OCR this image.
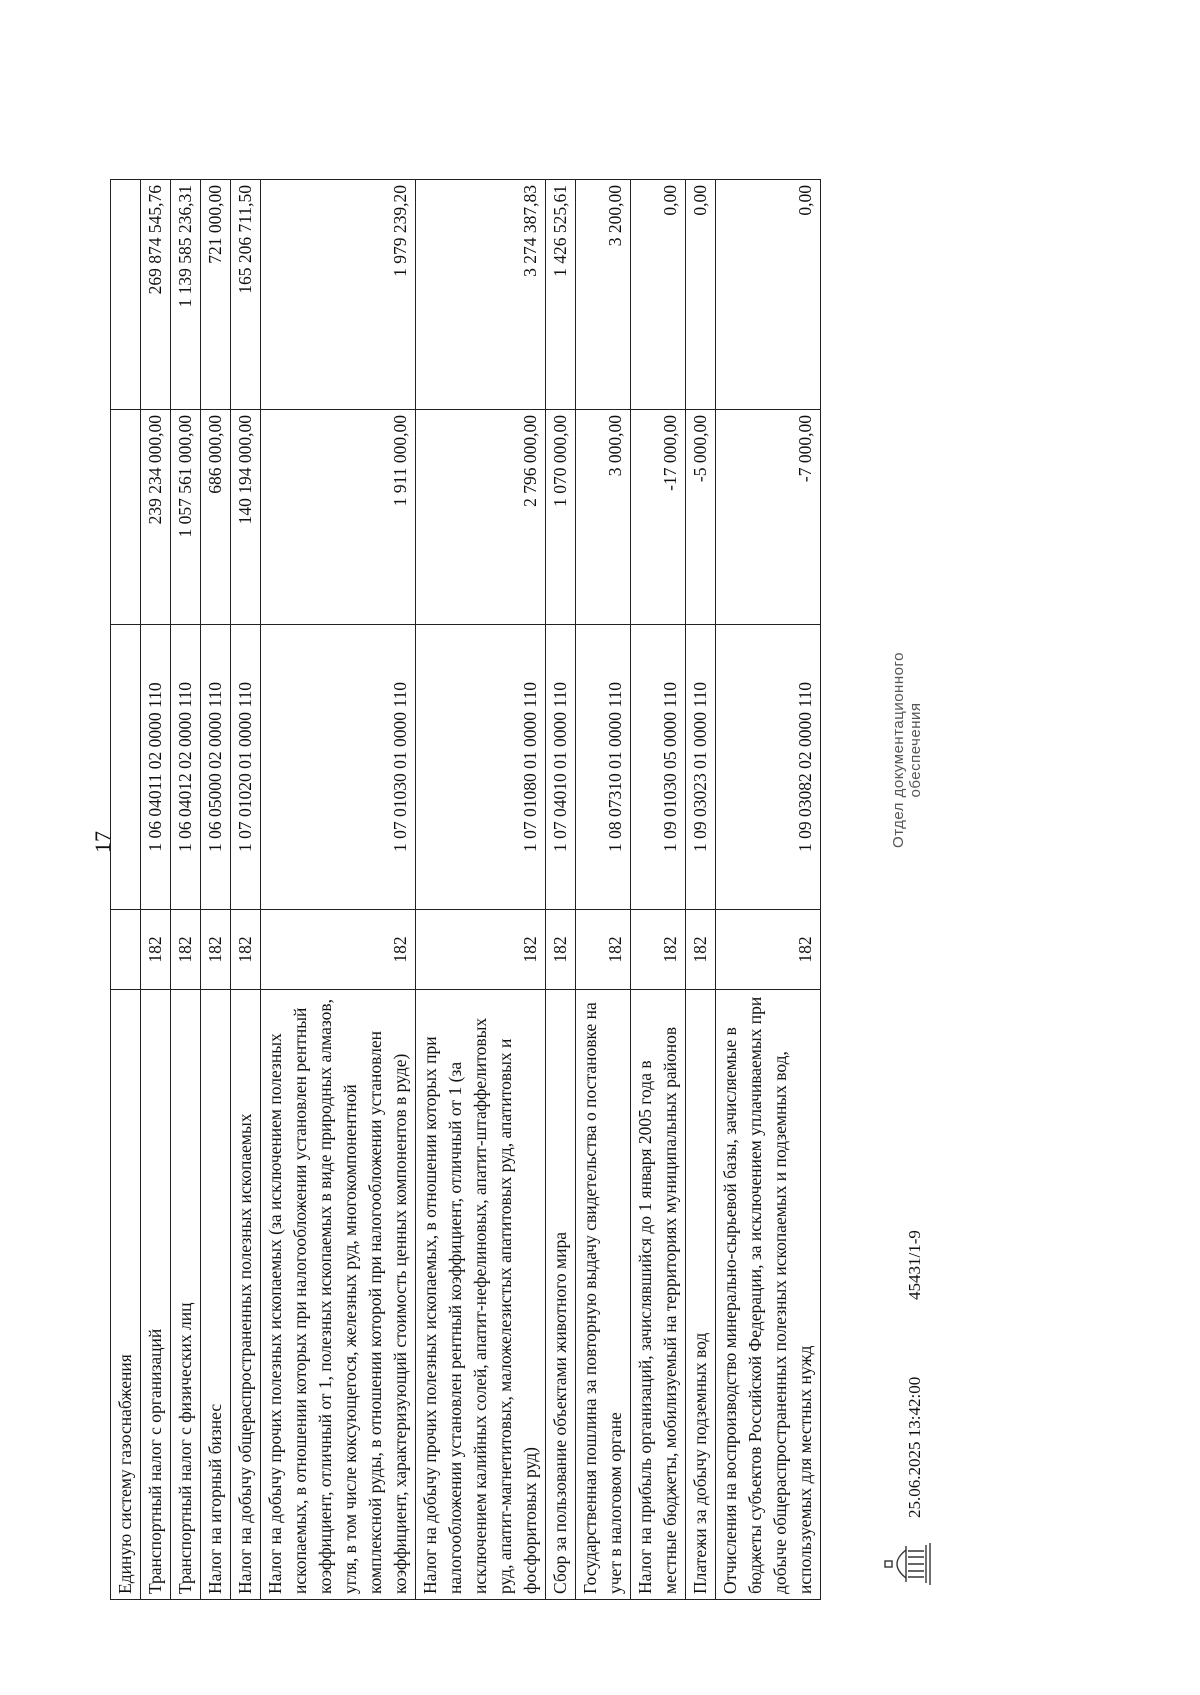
17
Единую систему газоснабжения				
Транспортный налог с организаций	182	1 06 04011 02 0000 110	239 234 000,00	269 874 545,76
Транспортный налог с физических лиц	182	1 06 04012 02 0000 110	1 057 561 000,00	1 139 585 236,31
Налог на игорный бизнес	182	1 06 05000 02 0000 110	686 000,00	721 000,00
Налог на добычу общераспространенных полезных ископаемых	182	1 07 01020 01 0000 110	140 194 000,00	165 206 711,50
Налог на добычу прочих полезных ископаемых (за исключением полезных ископаемых, в отношении которых при налогообложении установлен рентный коэффициент, отличный от 1, полезных ископаемых в виде природных алмазов, угля, в том числе коксующегося, железных руд, многокомпонентной комплексной руды, в отношении которой при налогообложении установлен коэффициент, характеризующий стоимость ценных компонентов в руде)	182	1 07 01030 01 0000 110	1 911 000,00	1 979 239,20
Налог на добычу прочих полезных ископаемых, в отношении которых при налогообложении установлен рентный коэффициент, отличный от 1 (за исключением калийных солей, апатит-нефелиновых, апатит-штаффелитовых руд, апатит-магнетитовых, маложелезистых апатитовых руд, апатитовых и фосфоритовых руд)	182	1 07 01080 01 0000 110	2 796 000,00	3 274 387,83
Сбор за пользование объектами животного мира	182	1 07 04010 01 0000 110	1 070 000,00	1 426 525,61
Государственная пошлина за повторную выдачу свидетельства о постановке на учет в налоговом органе	182	1 08 07310 01 0000 110	3 000,00	3 200,00
Налог на прибыль организаций, зачислявшийся до 1 января 2005 года в местные бюджеты, мобилизуемый на территориях муниципальных районов	182	1 09 01030 05 0000 110	-17 000,00	0,00
Платежи за добычу подземных вод	182	1 09 03023 01 0000 110	-5 000,00	0,00
Отчисления на воспроизводство минерально-сырьевой базы, зачисляемые в бюджеты субъектов Российской Федерации, за исключением уплачиваемых при добыче общераспространенных полезных ископаемых и подземных вод, используемых для местных нужд	182	1 09 03082 02 0000 110	-7 000,00	0,00
25.06.2025 13:42:00
45431/1-9
Отдел документационного обеспечения
